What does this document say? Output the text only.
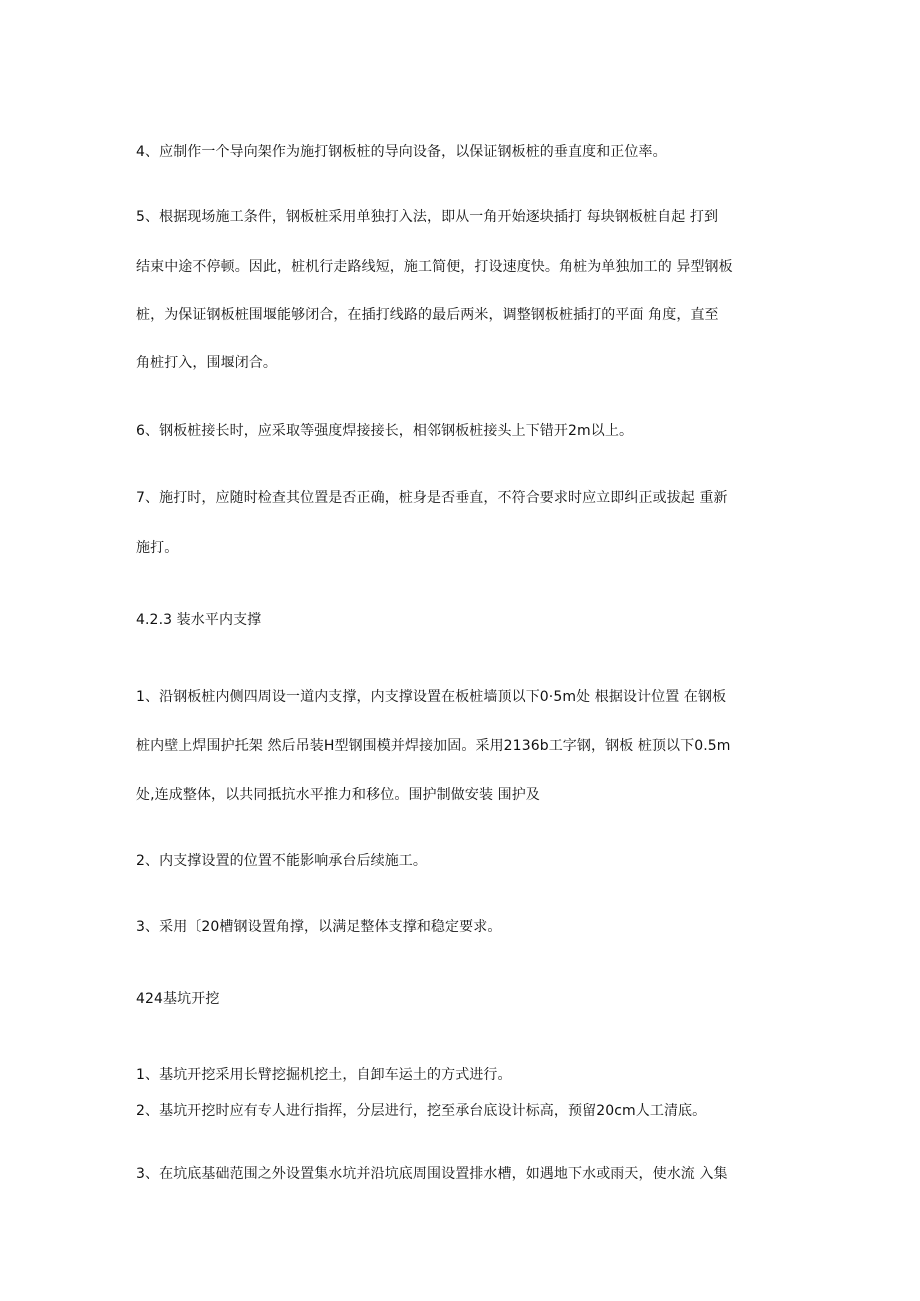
4、应制作一个导向架作为施打钢板桩的导向设备，以保证钢板桩的垂直度和正位率。
5、根据现场施工条件，钢板桩采用单独打入法，即从一角开始逐块插打 每块钢板桩自起 打到
结束中途不停顿。因此，桩机行走路线短，施工简便，打设速度快。角桩为单独加工的 异型钢板
桩，为保证钢板桩围堰能够闭合，在插打线路的最后两米，调整钢板桩插打的平面 角度，直至
角桩打入，围堰闭合。
6、钢板桩接长时，应采取等强度焊接接长，相邻钢板桩接头上下错开2m以上。
7、施打时，应随时检查其位置是否正确，桩身是否垂直，不符合要求时应立即纠正或拔起 重新
施打。
4.2.3 装水平内支撑
1、沿钢板桩内侧四周设一道内支撑，内支撑设置在板桩墙顶以下0·5m处 根据设计位置 在钢板
桩内壁上焊围护托架 然后吊装H型钢围模并焊接加固。采用2136b工字钢，钢板 桩顶以下0.5m
处,连成整体，以共同抵抗水平推力和移位。围护制做安装 围护及
2、内支撑设置的位置不能影响承台后续施工。
3、采用〔20槽钢设置角撑，以满足整体支撑和稳定要求。
424基坑开挖
1、基坑开挖采用长臂挖掘机挖土，自卸车运土的方式进行。
2、基坑开挖时应有专人进行指挥，分层进行，挖至承台底设计标高，预留20cm人工清底。
3、在坑底基础范围之外设置集水坑并沿坑底周围设置排水槽，如遇地下水或雨天，使水流 入集
